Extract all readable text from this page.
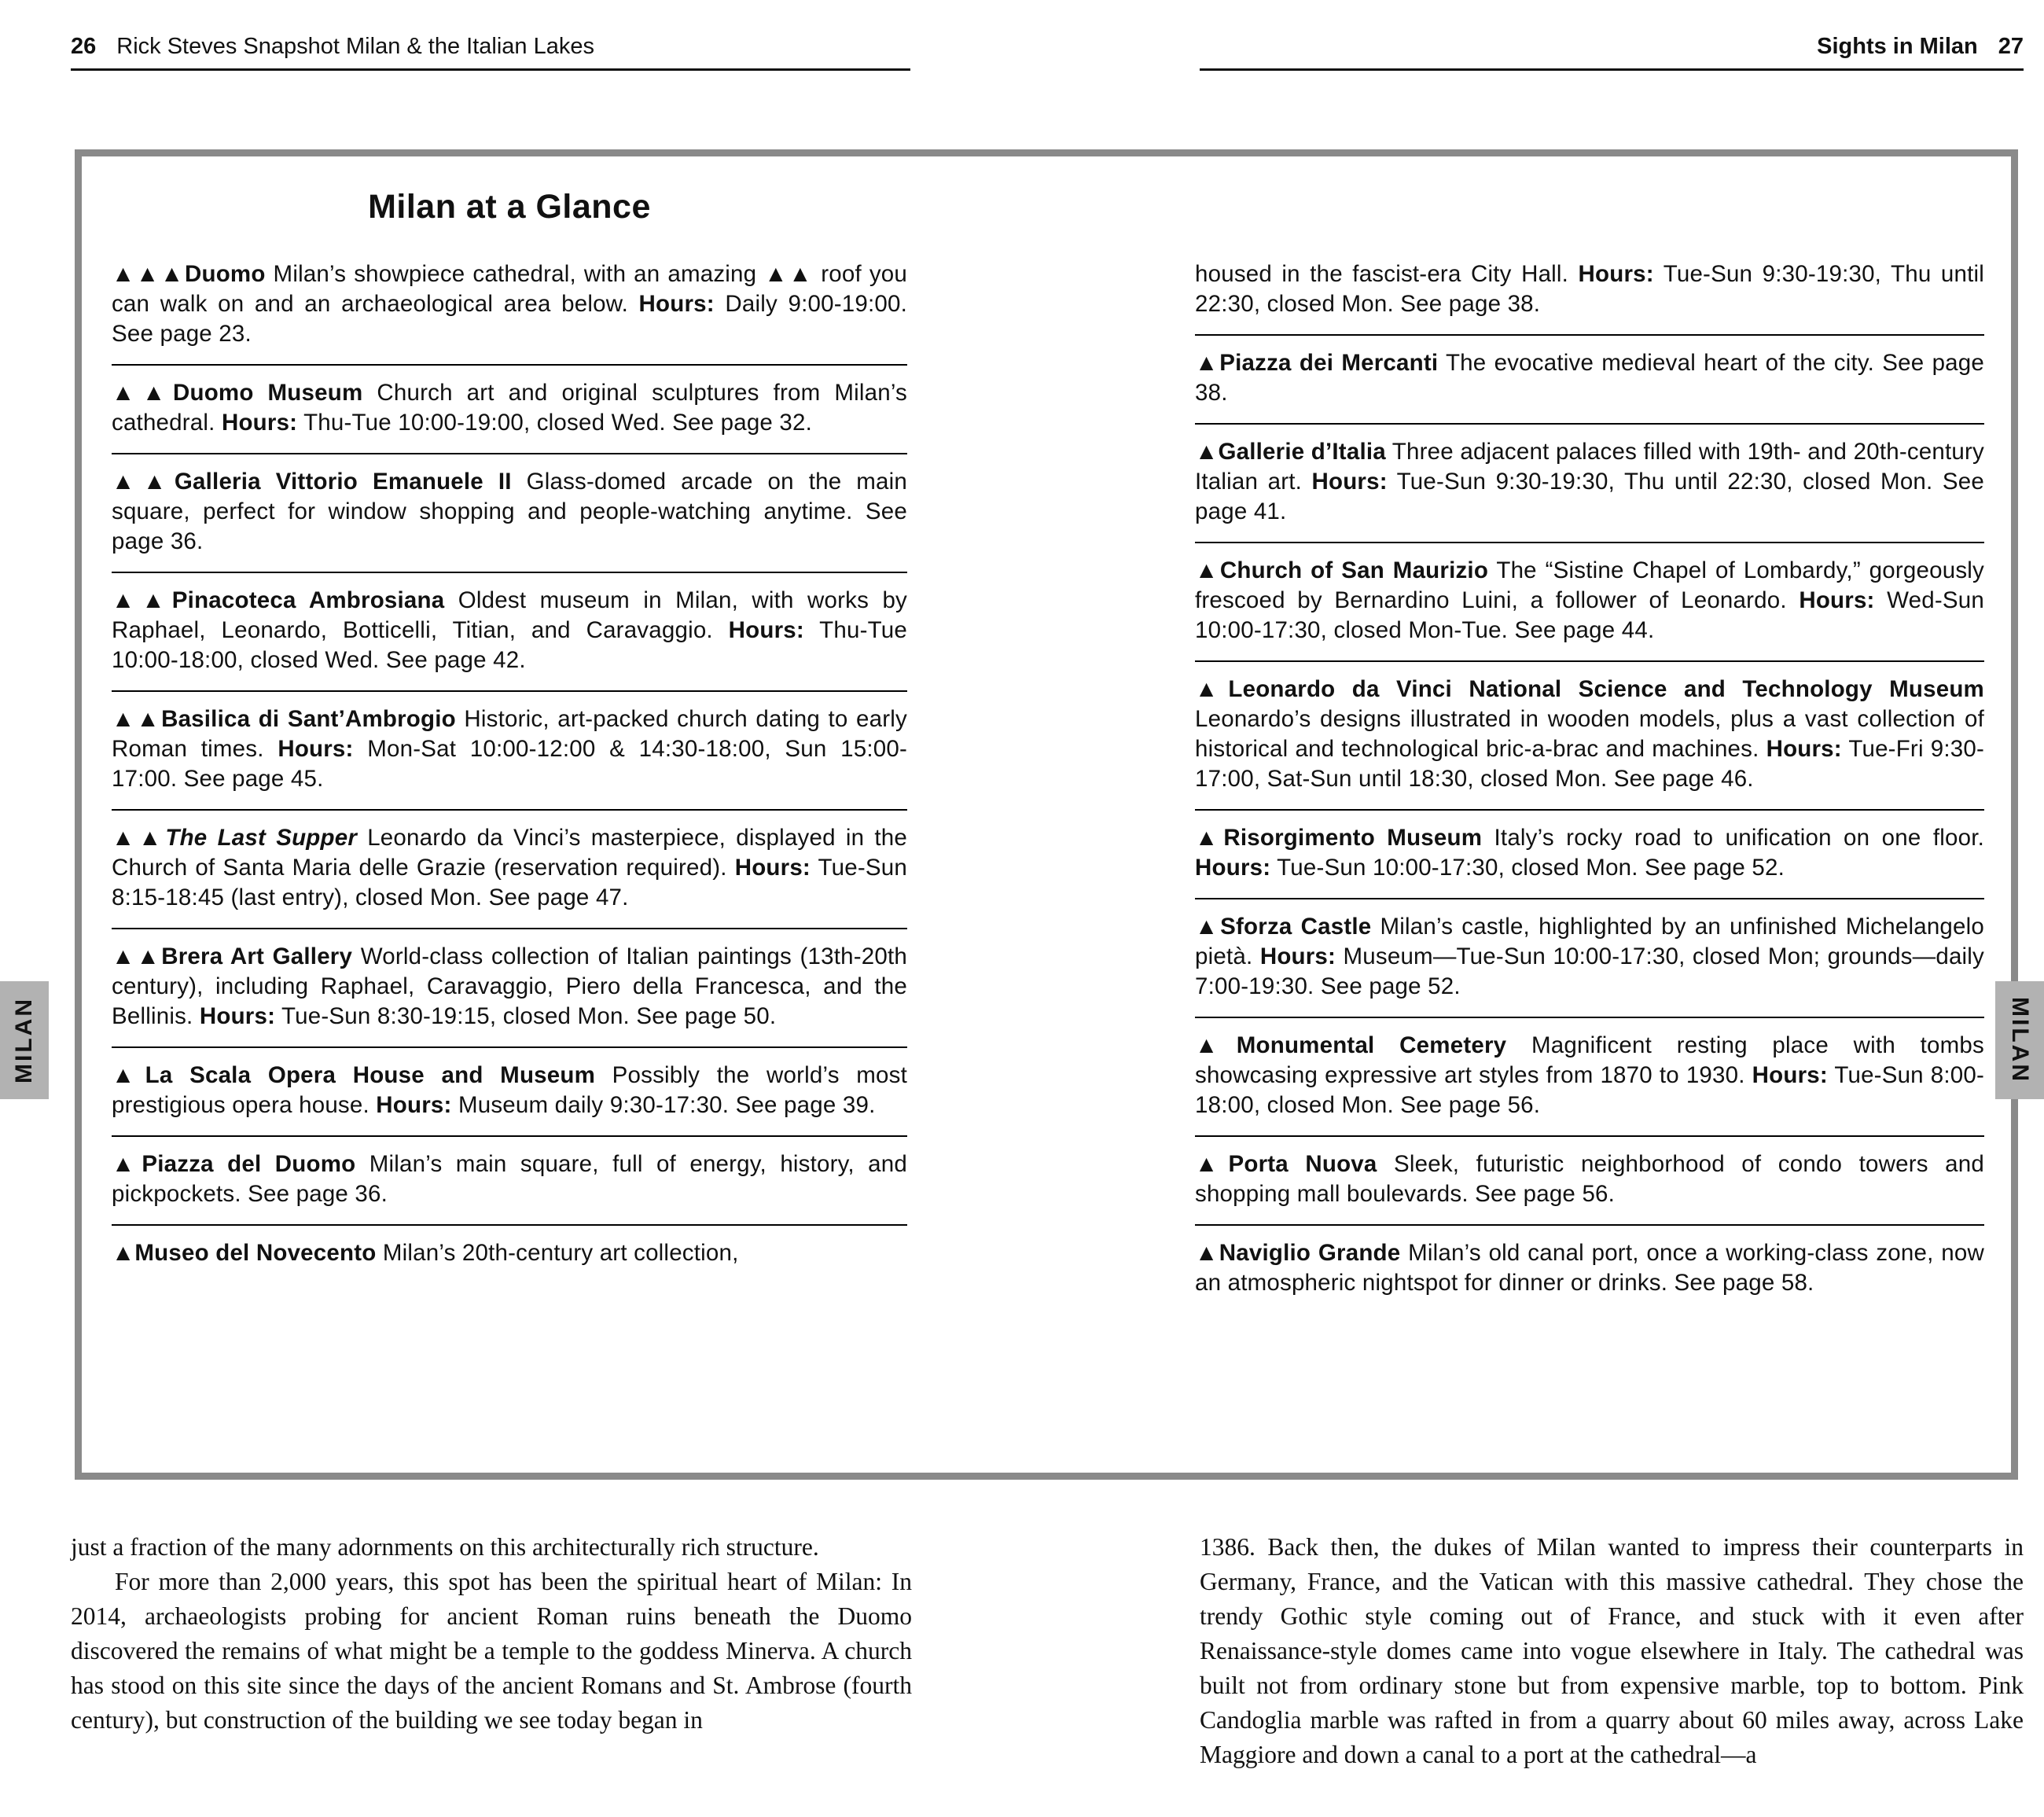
26 Rick Steves Snapshot Milan & the Italian Lakes	Sights in Milan 27
Milan at a Glance
▲▲▲Duomo Milan’s showpiece cathedral, with an amazing ▲▲ roof you can walk on and an archaeological area below. Hours: Daily 9:00-19:00. See page 23.
▲▲Duomo Museum Church art and original sculptures from Milan’s cathedral. Hours: Thu-Tue 10:00-19:00, closed Wed. See page 32.
▲▲Galleria Vittorio Emanuele II Glass-domed arcade on the main square, perfect for window shopping and people-watching anytime. See page 36.
▲▲Pinacoteca Ambrosiana Oldest museum in Milan, with works by Raphael, Leonardo, Botticelli, Titian, and Caravaggio. Hours: Thu-Tue 10:00-18:00, closed Wed. See page 42.
▲▲Basilica di Sant’Ambrogio Historic, art-packed church dating to early Roman times. Hours: Mon-Sat 10:00-12:00 & 14:30-18:00, Sun 15:00-17:00. See page 45.
▲▲The Last Supper Leonardo da Vinci’s masterpiece, displayed in the Church of Santa Maria delle Grazie (reservation required). Hours: Tue-Sun 8:15-18:45 (last entry), closed Mon. See page 47.
▲▲Brera Art Gallery World-class collection of Italian paintings (13th-20th century), including Raphael, Caravaggio, Piero della Francesca, and the Bellinis. Hours: Tue-Sun 8:30-19:15, closed Mon. See page 50.
▲La Scala Opera House and Museum Possibly the world’s most prestigious opera house. Hours: Museum daily 9:30-17:30. See page 39.
▲Piazza del Duomo Milan’s main square, full of energy, history, and pickpockets. See page 36.
▲Museo del Novecento Milan’s 20th-century art collection,
housed in the fascist-era City Hall. Hours: Tue-Sun 9:30-19:30, Thu until 22:30, closed Mon. See page 38.
▲Piazza dei Mercanti The evocative medieval heart of the city. See page 38.
▲Gallerie d’Italia Three adjacent palaces filled with 19th- and 20th-century Italian art. Hours: Tue-Sun 9:30-19:30, Thu until 22:30, closed Mon. See page 41.
▲Church of San Maurizio The “Sistine Chapel of Lombardy,” gorgeously frescoed by Bernardino Luini, a follower of Leonardo. Hours: Wed-Sun 10:00-17:30, closed Mon-Tue. See page 44.
▲Leonardo da Vinci National Science and Technology Museum Leonardo’s designs illustrated in wooden models, plus a vast collection of historical and technological bric-a-brac and machines. Hours: Tue-Fri 9:30-17:00, Sat-Sun until 18:30, closed Mon. See page 46.
▲Risorgimento Museum Italy’s rocky road to unification on one floor. Hours: Tue-Sun 10:00-17:30, closed Mon. See page 52.
▲Sforza Castle Milan’s castle, highlighted by an unfinished Michelangelo pietà. Hours: Museum—Tue-Sun 10:00-17:30, closed Mon; grounds—daily 7:00-19:30. See page 52.
▲Monumental Cemetery Magnificent resting place with tombs showcasing expressive art styles from 1870 to 1930. Hours: Tue-Sun 8:00-18:00, closed Mon. See page 56.
▲Porta Nuova Sleek, futuristic neighborhood of condo towers and shopping mall boulevards. See page 56.
▲Naviglio Grande Milan’s old canal port, once a working-class zone, now an atmospheric nightspot for dinner or drinks. See page 58.

just a fraction of the many adornments on this architecturally rich structure.

For more than 2,000 years, this spot has been the spiritual heart of Milan: In 2014, archaeologists probing for ancient Roman ruins beneath the Duomo discovered the remains of what might be a temple to the goddess Minerva. A church has stood on this site since the days of the ancient Romans and St. Ambrose (fourth century), but construction of the building we see today began in

1386. Back then, the dukes of Milan wanted to impress their counterparts in Germany, France, and the Vatican with this massive cathedral. They chose the trendy Gothic style coming out of France, and stuck with it even after Renaissance-style domes came into vogue elsewhere in Italy. The cathedral was built not from ordinary stone but from expensive marble, top to bottom. Pink Candoglia marble was rafted in from a quarry about 60 miles away, across Lake Maggiore and down a canal to a port at the cathedral—a

MILAN	MILAN
